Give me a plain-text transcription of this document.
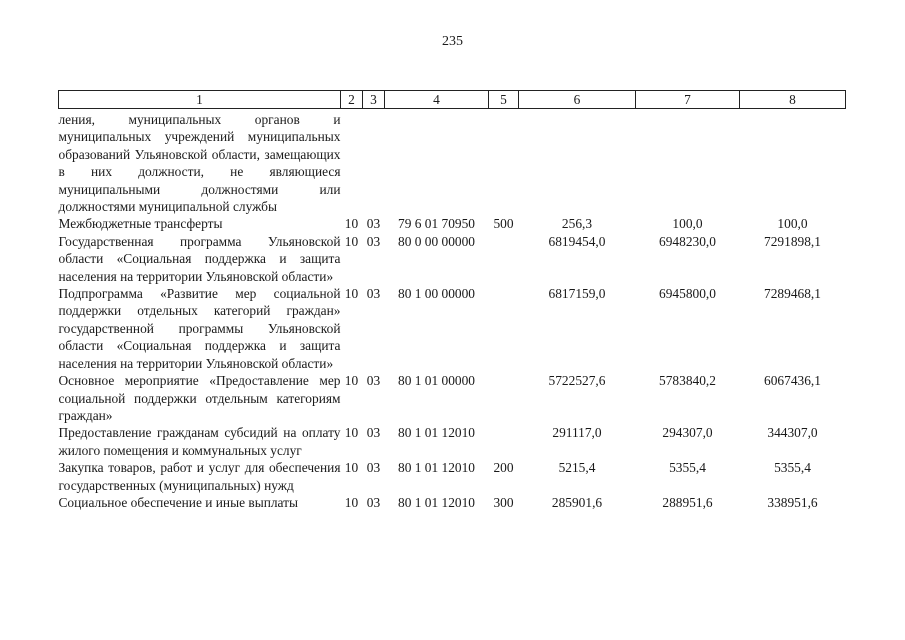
235
1	2	3	4	5	6	7	8
ления, муниципальных органов и муниципальных учреждений муниципальных образований Ульяновской области, замещающих в них должности, не являющиеся муниципальными должностями или должностями муниципальной службы							
Межбюджетные трансферты	10	03	79 6 01 70950	500	256,3	100,0	100,0
Государственная программа Ульяновской области «Социальная поддержка и защита населения на территории Ульяновской области»	10	03	80 0 00 00000		6819454,0	6948230,0	7291898,1
Подпрограмма «Развитие мер социальной поддержки отдельных категорий граждан» государственной программы Ульяновской области «Социальная поддержка и защита населения на территории Ульяновской области»	10	03	80 1 00 00000		6817159,0	6945800,0	7289468,1
Основное мероприятие «Предоставление мер социальной поддержки отдельным категориям граждан»	10	03	80 1 01 00000		5722527,6	5783840,2	6067436,1
Предоставление гражданам субсидий на оплату жилого помещения и коммунальных услуг	10	03	80 1 01 12010		291117,0	294307,0	344307,0
Закупка товаров, работ и услуг для обеспечения государственных (муниципальных) нужд	10	03	80 1 01 12010	200	5215,4	5355,4	5355,4
Социальное обеспечение и иные выплаты	10	03	80 1 01 12010	300	285901,6	288951,6	338951,6
